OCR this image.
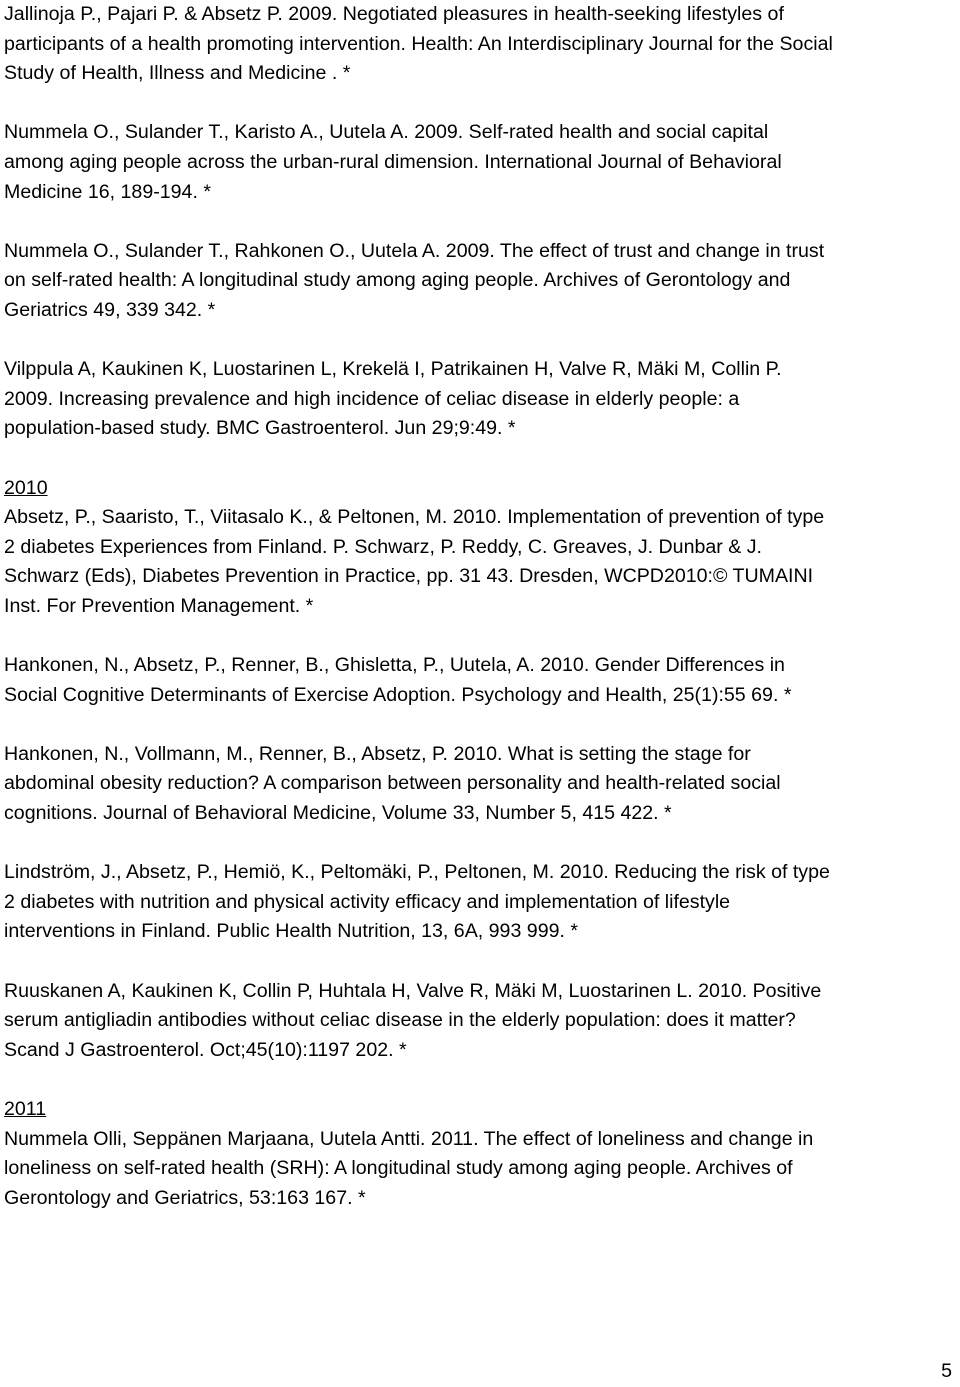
Jallinoja P., Pajari P. & Absetz P. 2009. Negotiated pleasures in health-seeking lifestyles of
participants of a health promoting intervention. Health: An Interdisciplinary Journal for the Social
Study of Health, Illness and Medicine . *

Nummela O., Sulander T., Karisto A., Uutela A. 2009. Self-rated health and social capital
among aging people across the urban-rural dimension. International Journal of Behavioral
Medicine 16, 189-194. *

Nummela O., Sulander T., Rahkonen O., Uutela A. 2009. The effect of trust and change in trust
on self-rated health: A longitudinal study among aging people. Archives of Gerontology and
Geriatrics 49, 339 342. *

Vilppula A, Kaukinen K, Luostarinen L, Krekelä I, Patrikainen H, Valve R, Mäki M, Collin P.
2009. Increasing prevalence and high incidence of celiac disease in elderly people: a
population-based study. BMC Gastroenterol. Jun 29;9:49. *

2010

Absetz, P., Saaristo, T., Viitasalo K., & Peltonen, M. 2010. Implementation of prevention of type
2 diabetes Experiences from Finland. P. Schwarz, P. Reddy, C. Greaves, J. Dunbar & J.
Schwarz (Eds), Diabetes Prevention in Practice, pp. 31 43. Dresden, WCPD2010:© TUMAINI
Inst. For Prevention Management. *

Hankonen, N., Absetz, P., Renner, B., Ghisletta, P., Uutela, A. 2010. Gender Differences in
Social Cognitive Determinants of Exercise Adoption. Psychology and Health, 25(1):55 69. *

Hankonen, N., Vollmann, M., Renner, B., Absetz, P. 2010. What is setting the stage for
abdominal obesity reduction? A comparison between personality and health-related social
cognitions. Journal of Behavioral Medicine, Volume 33, Number 5, 415 422. *

Lindström, J., Absetz, P., Hemiö, K., Peltomäki, P., Peltonen, M. 2010. Reducing the risk of type
2 diabetes with nutrition and physical activity efficacy and implementation of lifestyle
interventions in Finland. Public Health Nutrition, 13, 6A, 993 999. *

Ruuskanen A, Kaukinen K, Collin P, Huhtala H, Valve R, Mäki M, Luostarinen L. 2010. Positive
serum antigliadin antibodies without celiac disease in the elderly population: does it matter?
Scand J Gastroenterol. Oct;45(10):1197 202. *

2011

Nummela Olli, Seppänen Marjaana, Uutela Antti. 2011. The effect of loneliness and change in
loneliness on self-rated health (SRH): A longitudinal study among aging people. Archives of
Gerontology and Geriatrics, 53:163 167. *

5
